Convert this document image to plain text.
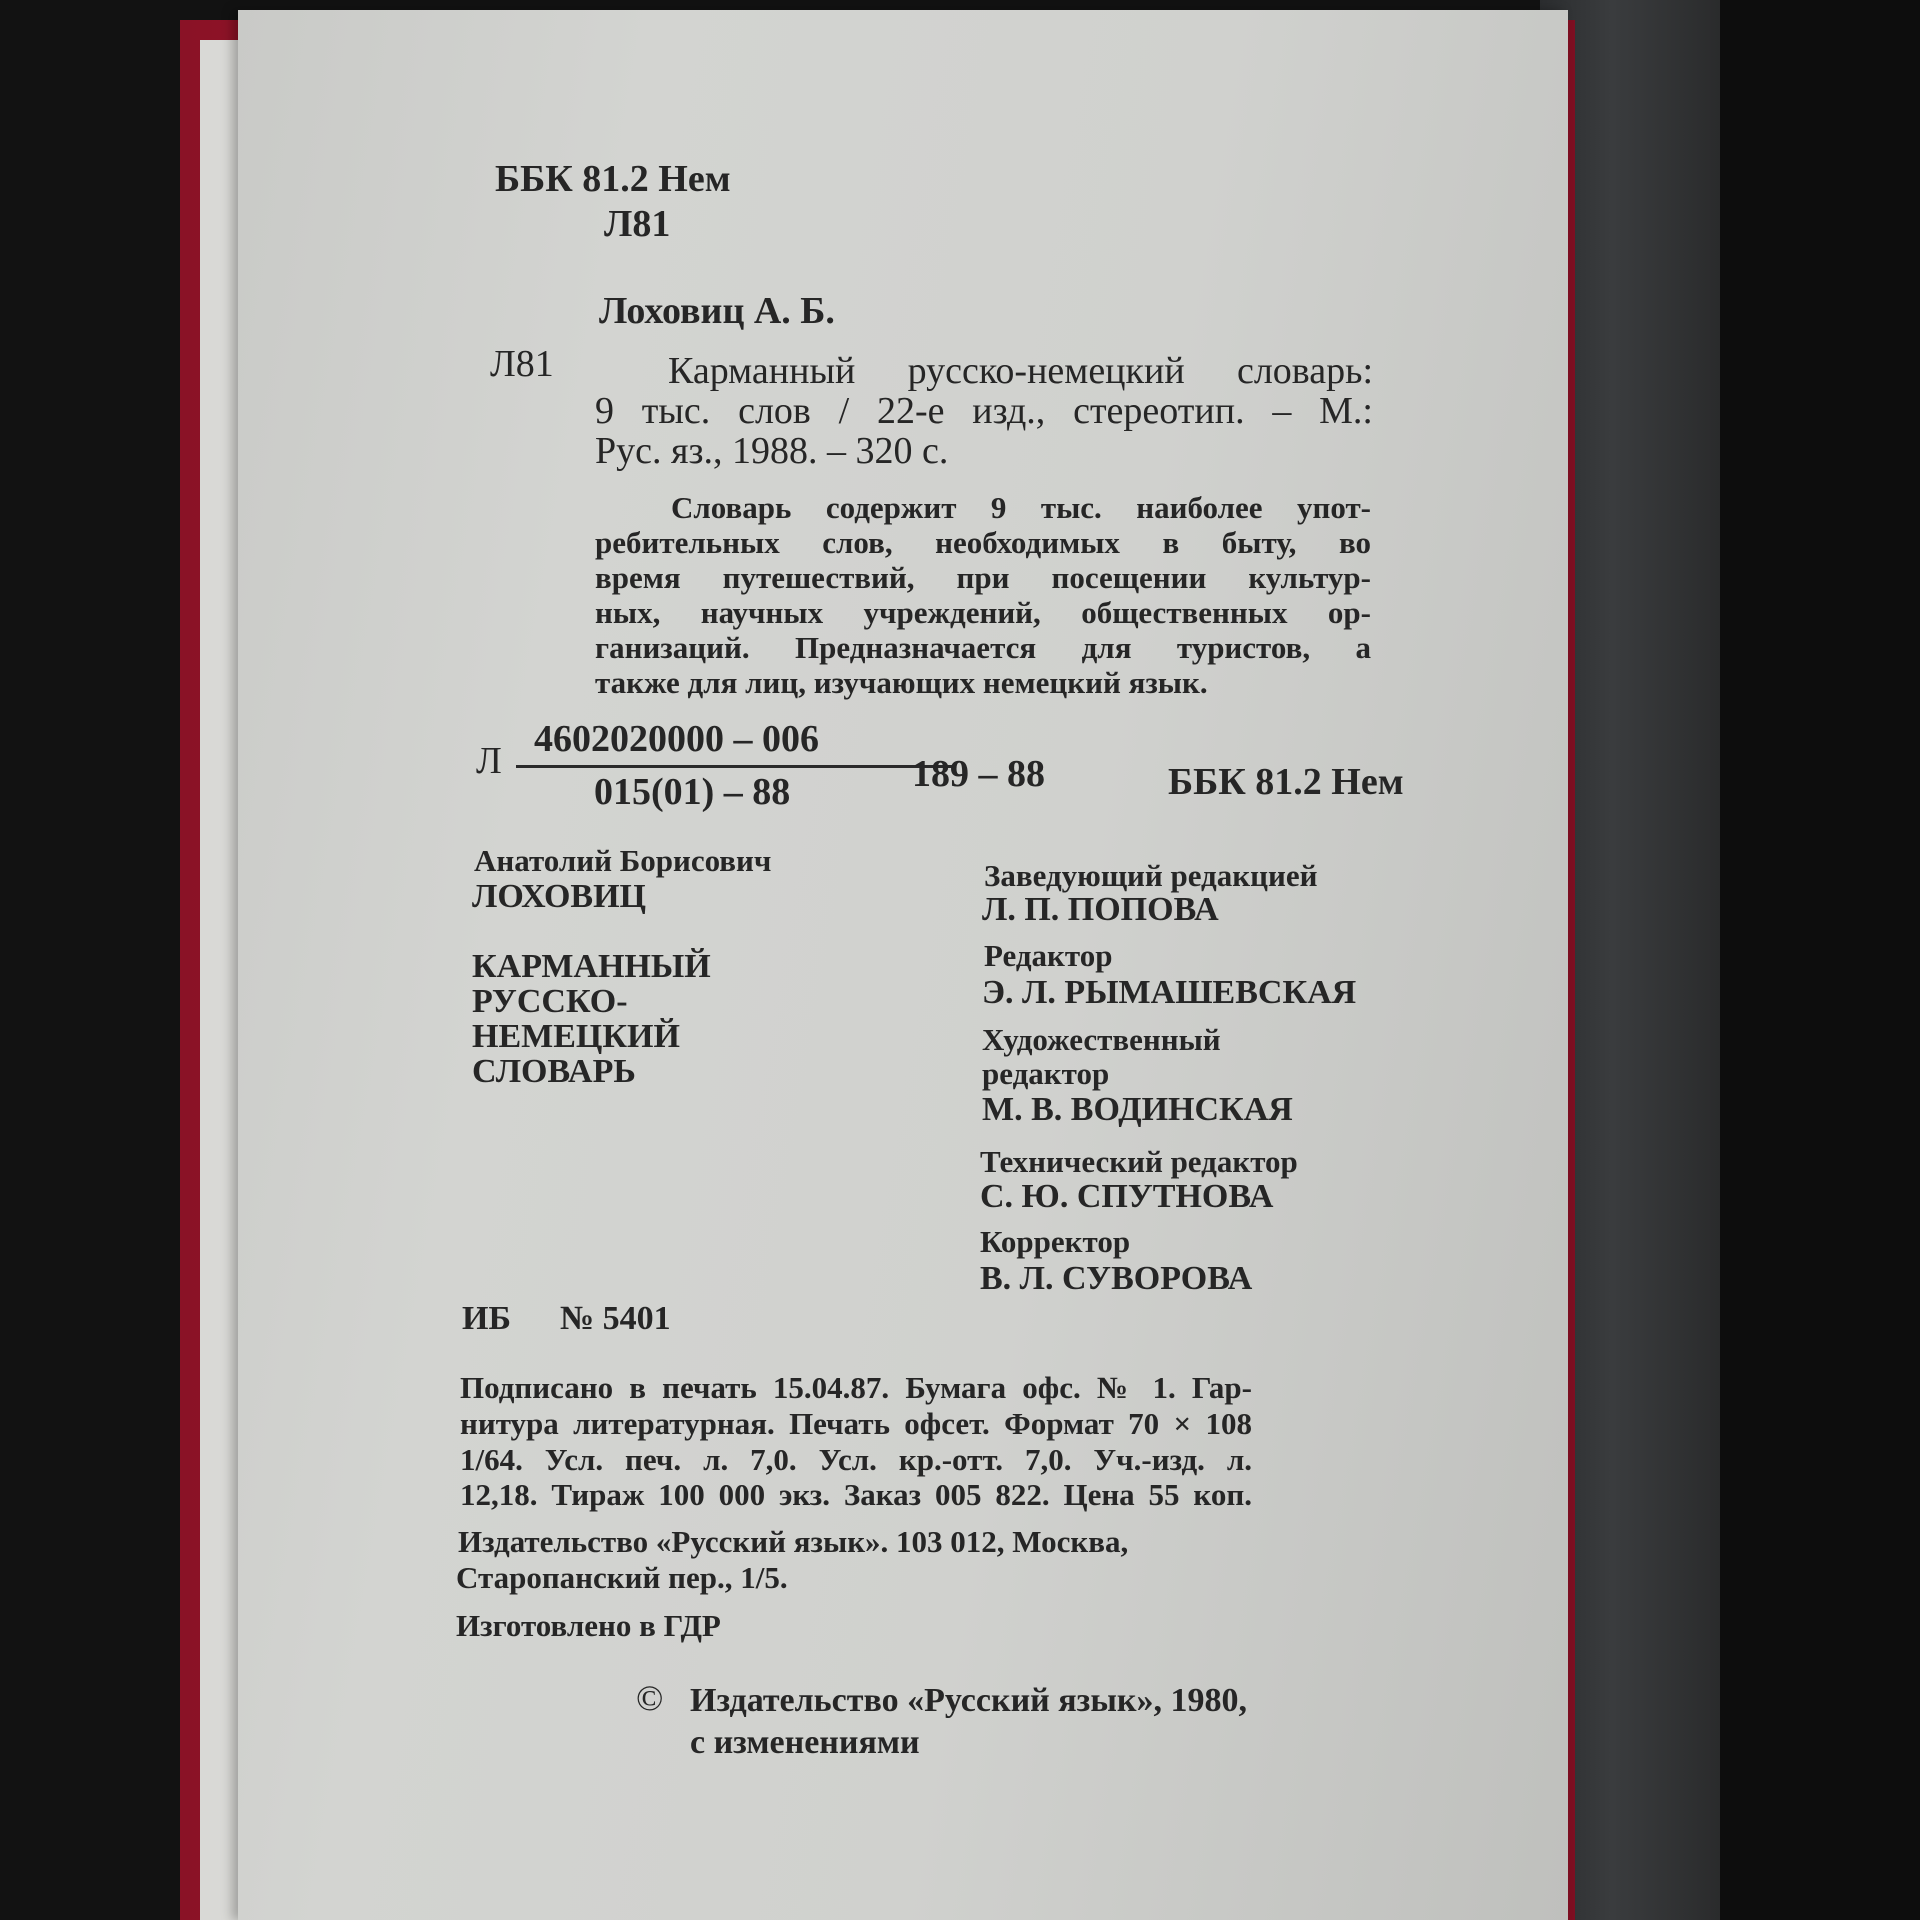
ББК 81.2 Нем
Л81
Лоховиц А. Б.
Л81	Карманный русско-немецкий словарь:
9 тыс. слов / 22-е изд., стереотип. – М.:
Рус. яз., 1988. – 320 с.
Словарь содержит 9 тыс. наиболее упот-
ребительных слов, необходимых в быту, во
время путешествий, при посещении культур-
ных, научных учреждений, общественных ор-
ганизаций. Предназначается для туристов, а
также для лиц, изучающих немецкий язык.
Л
4602020000 – 006
015(01) – 88	189 – 88	ББК 81.2 Нем
Анатолий Борисович
ЛОХОВИЦ
КАРМАННЫЙ
РУССКО-
НЕМЕЦКИЙ
СЛОВАРЬ
Заведующий редакцией
Л. П. ПОПОВА
Редактор
Э. Л. РЫМАШЕВСКАЯ
Художественный
редактор
М. В. ВОДИНСКАЯ
Технический редактор
С. Ю. СПУТНОВА
Корректор
В. Л. СУВОРОВА
ИБ № 5401
Подписано в печать 15.04.87. Бумага офс. № 1. Гар-
нитура литературная. Печать офсет. Формат 70 × 108
1/64. Усл. печ. л. 7,0. Усл. кр.-отт. 7,0. Уч.-изд. л.
12,18. Тираж 100 000 экз. Заказ 005 822. Цена 55 коп.
Издательство «Русский язык». 103 012, Москва,
Старопанский пер., 1/5.
Изготовлено в ГДР
© Издательство «Русский язык», 1980,
с изменениями
